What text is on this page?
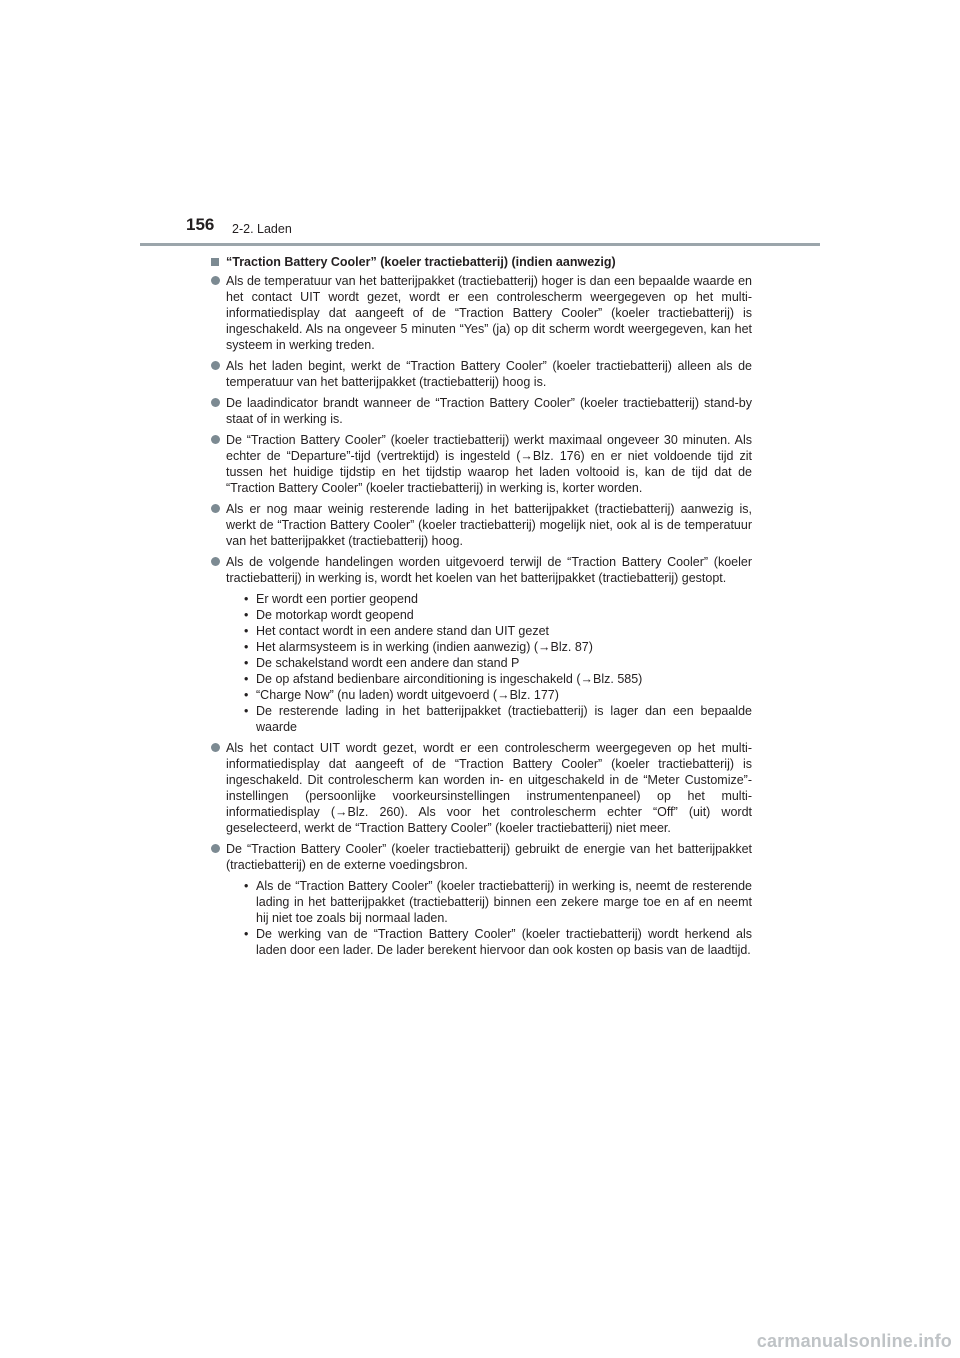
156 2-2. Laden
“Traction Battery Cooler” (koeler tractiebatterij) (indien aanwezig)
Als de temperatuur van het batterijpakket (tractiebatterij) hoger is dan een bepaalde waarde en het contact UIT wordt gezet, wordt er een controlescherm weergegeven op het multi-informatiedisplay dat aangeeft of de “Traction Battery Cooler” (koeler tractiebatterij) is ingeschakeld. Als na ongeveer 5 minuten “Yes” (ja) op dit scherm wordt weergegeven, kan het systeem in werking treden.
Als het laden begint, werkt de “Traction Battery Cooler” (koeler tractiebatterij) alleen als de temperatuur van het batterijpakket (tractiebatterij) hoog is.
De laadindicator brandt wanneer de “Traction Battery Cooler” (koeler tractiebatterij) stand-by staat of in werking is.
De “Traction Battery Cooler” (koeler tractiebatterij) werkt maximaal ongeveer 30 minuten. Als echter de “Departure”-tijd (vertrektijd) is ingesteld (→Blz. 176) en er niet voldoende tijd zit tussen het huidige tijdstip en het tijdstip waarop het laden voltooid is, kan de tijd dat de “Traction Battery Cooler” (koeler tractiebatterij) in werking is, korter worden.
Als er nog maar weinig resterende lading in het batterijpakket (tractiebatterij) aanwezig is, werkt de “Traction Battery Cooler” (koeler tractiebatterij) mogelijk niet, ook al is de temperatuur van het batterijpakket (tractiebatterij) hoog.
Als de volgende handelingen worden uitgevoerd terwijl de “Traction Battery Cooler” (koeler tractiebatterij) in werking is, wordt het koelen van het batterijpakket (tractiebatterij) gestopt.
• Er wordt een portier geopend
• De motorkap wordt geopend
• Het contact wordt in een andere stand dan UIT gezet
• Het alarmsysteem is in werking (indien aanwezig) (→Blz. 87)
• De schakelstand wordt een andere dan stand P
• De op afstand bedienbare airconditioning is ingeschakeld (→Blz. 585)
• “Charge Now” (nu laden) wordt uitgevoerd (→Blz. 177)
• De resterende lading in het batterijpakket (tractiebatterij) is lager dan een bepaalde waarde
Als het contact UIT wordt gezet, wordt er een controlescherm weergegeven op het multi-informatiedisplay dat aangeeft of de “Traction Battery Cooler” (koeler tractiebatterij) is ingeschakeld. Dit controlescherm kan worden in- en uitgeschakeld in de “Meter Customize”-instellingen (persoonlijke voorkeursinstellingen instrumentenpaneel) op het multi-informatiedisplay (→Blz. 260). Als voor het controlescherm echter “Off” (uit) wordt geselecteerd, werkt de “Traction Battery Cooler” (koeler tractiebatterij) niet meer.
De “Traction Battery Cooler” (koeler tractiebatterij) gebruikt de energie van het batterijpakket (tractiebatterij) en de externe voedingsbron.
• Als de “Traction Battery Cooler” (koeler tractiebatterij) in werking is, neemt de resterende lading in het batterijpakket (tractiebatterij) binnen een zekere marge toe en af en neemt hij niet toe zoals bij normaal laden.
• De werking van de “Traction Battery Cooler” (koeler tractiebatterij) wordt herkend als laden door een lader. De lader berekent hiervoor dan ook kosten op basis van de laadtijd.
carmanualsonline.info
